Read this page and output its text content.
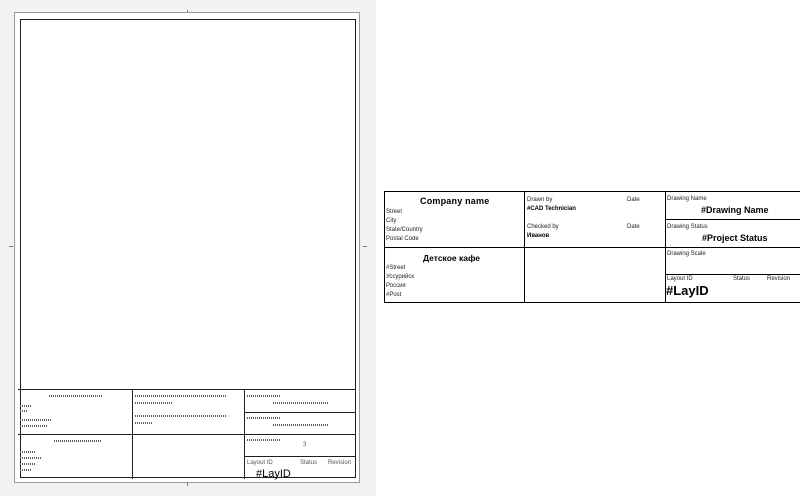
3
Layout ID	Status Revision
#LayID
Company name
Street
City
State/Country
Postal Code
Детское кафе
#Street
Уссурийск
Россия
#Post
Drawn by	Date
#CAD Technician
Checked by	Date
Иванов
Drawing Name
#Drawing Name
Drawing Status
#Project Status
Drawing Scale
Layout ID	Status	Revision
#LayID
